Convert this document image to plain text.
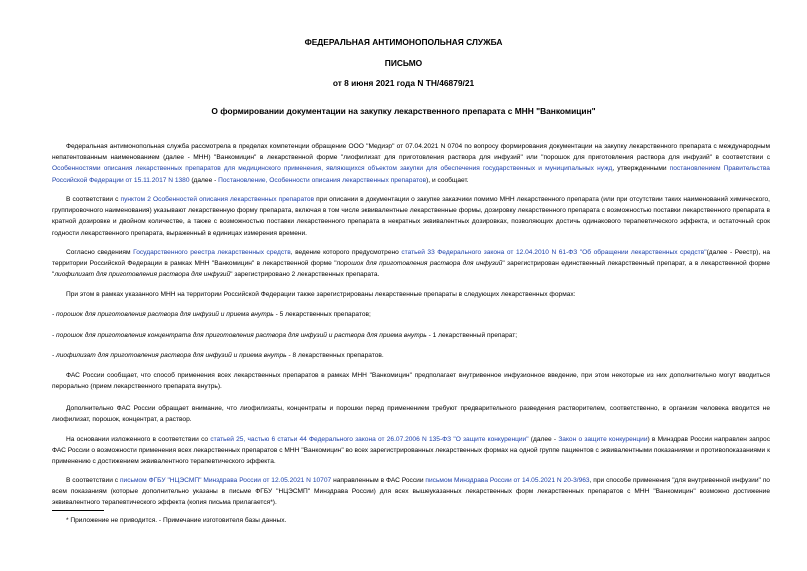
ФЕДЕРАЛЬНАЯ АНТИМОНОПОЛЬНАЯ СЛУЖБА
ПИСЬМО
от 8 июня 2021 года N ТН/46879/21
О формировании документации на закупку лекарственного препарата с МНН "Ванкомицин"

Федеральная антимонопольная служба рассмотрела в пределах компетенции обращение ООО "Медиэр" от 07.04.2021 N 0704 по вопросу формирования документации на закупку лекарственного препарата с международным непатентованным наименованием (далее - МНН) "Ванкомицин" в лекарственной форме "лиофилизат для приготовления раствора для инфузий" или "порошок для приготовления раствора для инфузий" в соответствии с Особенностями описания лекарственных препаратов для медицинского применения, являющихся объектом закупки для обеспечения государственных и муниципальных нужд, утвержденными постановлением Правительства Российской Федерации от 15.11.2017 N 1380 (далее - Постановление, Особенности описания лекарственных препаратов), и сообщает.

В соответствии с пунктом 2 Особенностей описания лекарственных препаратов при описании в документации о закупке заказчики помимо МНН лекарственного препарата (или при отсутствии таких наименований химического, группировочного наименования) указывают лекарственную форму препарата, включая в том числе эквивалентные лекарственные формы, дозировку лекарственного препарата с возможностью поставки лекарственного препарата в кратной дозировке и двойном количестве, а также с возможностью поставки лекарственного препарата в некратных эквивалентных дозировках, позволяющих достичь одинакового терапевтического эффекта, и остаточный срок годности лекарственного препарата, выраженный в единицах измерения времени.

Согласно сведениям Государственного реестра лекарственных средств, ведение которого предусмотрено статьей 33 Федерального закона от 12.04.2010 N 61-ФЗ "Об обращении лекарственных средств"(далее - Реестр), на территории Российской Федерации в рамках МНН "Ванкомицин" в лекарственной форме "порошок для приготовления раствора для инфузий" зарегистрирован единственный лекарственный препарат, а в лекарственной форме "лиофилизат для приготовления раствора для инфузий" зарегистрировано 2 лекарственных препарата.

При этом в рамках указанного МНН на территории Российской Федерации также зарегистрированы лекарственные препараты в следующих лекарственных формах:

- порошок для приготовления раствора для инфузий и приема внутрь - 5 лекарственных препаратов;
- порошок для приготовления концентрата для приготовления раствора для инфузий и раствора для приема внутрь - 1 лекарственный препарат;
- лиофилизат для приготовления раствора для инфузий и приема внутрь - 8 лекарственных препаратов.

ФАС России сообщает, что способ применения всех лекарственных препаратов в рамках МНН "Ванкомицин" предполагает внутривенное инфузионное введение, при этом некоторые из них дополнительно могут вводиться перорально (прием лекарственного препарата внутрь).

Дополнительно ФАС России обращает внимание, что лиофилизаты, концентраты и порошки перед применением требуют предварительного разведения растворителем, соответственно, в организм человека вводится не лиофилизат, порошок, концентрат, а раствор.

На основании изложенного в соответствии со статьей 25, частью 6 статьи 44 Федерального закона от 26.07.2006 N 135-ФЗ "О защите конкуренции" (далее - Закон о защите конкуренции) в Минздрав России направлен запрос ФАС России о возможности применения всех лекарственных препаратов с МНН "Ванкомицин" во всех зарегистрированных лекарственных формах на одной группе пациентов с эквивалентными показаниями и противопоказаниями к применению с достижением эквивалентного терапевтического эффекта.

В соответствии с письмом ФГБУ "НЦЭСМП" Минздрава России от 12.05.2021 N 10707 направленным в ФАС России письмом Минздрава России от 14.05.2021 N 20-3/963, при способе применения "для внутривенной инфузии" по всем показаниям (которые дополнительно указаны в письме ФГБУ "НЦЭСМП" Минздрава России) для всех вышеуказанных лекарственных форм лекарственных препаратов с МНН "Ванкомицин" возможно достижение эквивалентного терапевтического эффекта (копия письма прилагается*).

* Приложение не приводится. - Примечание изготовителя базы данных.
